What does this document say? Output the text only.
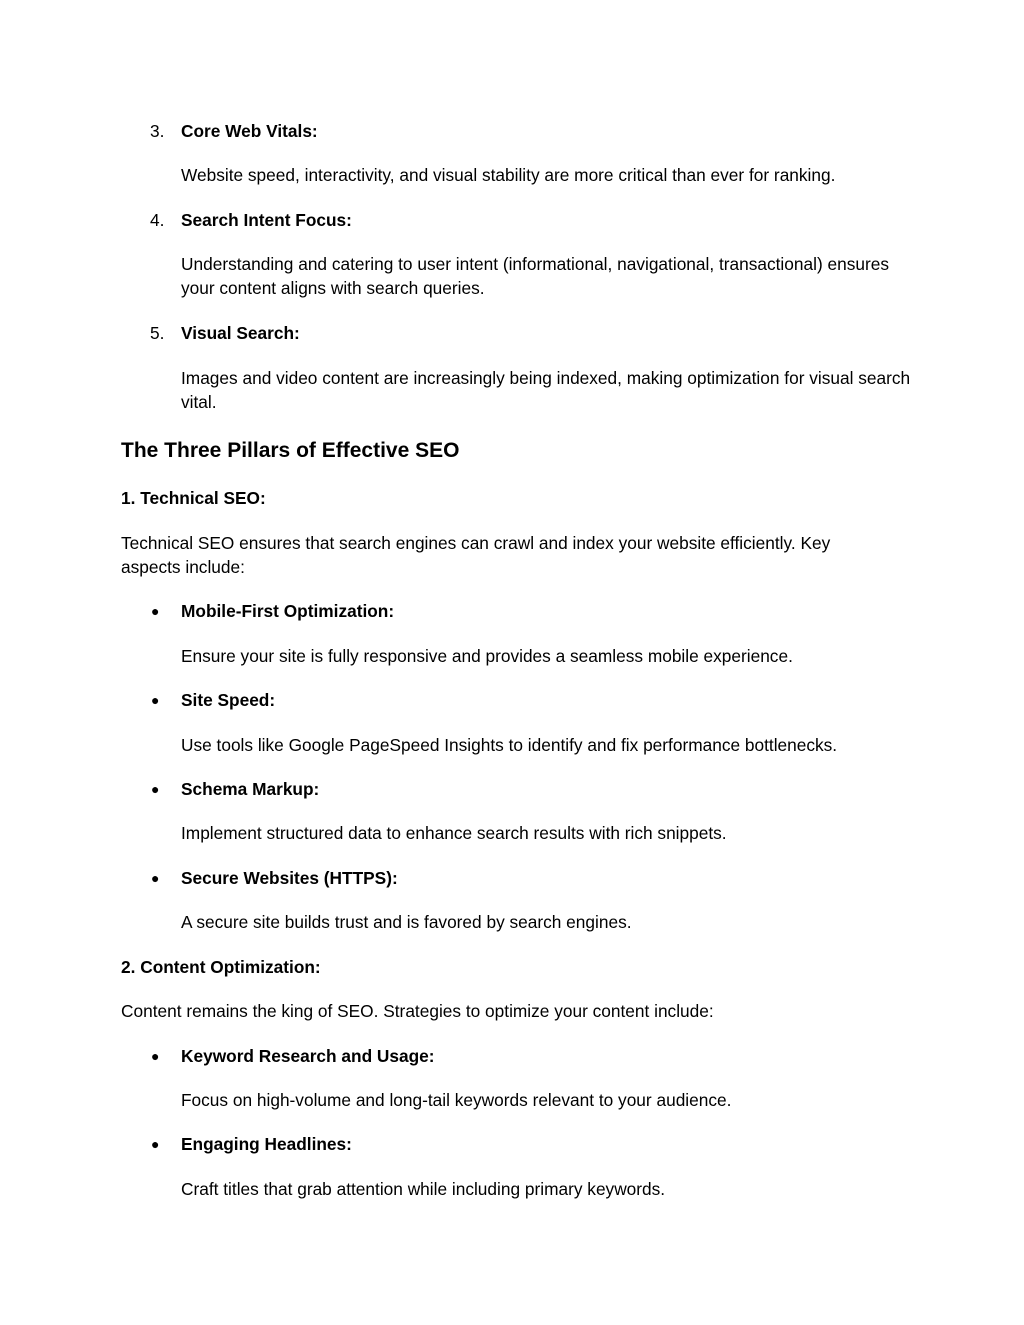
3. Core Web Vitals:
Website speed, interactivity, and visual stability are more critical than ever for ranking.
4. Search Intent Focus:
Understanding and catering to user intent (informational, navigational, transactional) ensures your content aligns with search queries.
5. Visual Search:
Images and video content are increasingly being indexed, making optimization for visual search vital.
The Three Pillars of Effective SEO
1. Technical SEO:
Technical SEO ensures that search engines can crawl and index your website efficiently. Key aspects include:
● Mobile-First Optimization:
Ensure your site is fully responsive and provides a seamless mobile experience.
● Site Speed:
Use tools like Google PageSpeed Insights to identify and fix performance bottlenecks.
● Schema Markup:
Implement structured data to enhance search results with rich snippets.
● Secure Websites (HTTPS):
A secure site builds trust and is favored by search engines.
2. Content Optimization:
Content remains the king of SEO. Strategies to optimize your content include:
● Keyword Research and Usage:
Focus on high-volume and long-tail keywords relevant to your audience.
● Engaging Headlines:
Craft titles that grab attention while including primary keywords.
